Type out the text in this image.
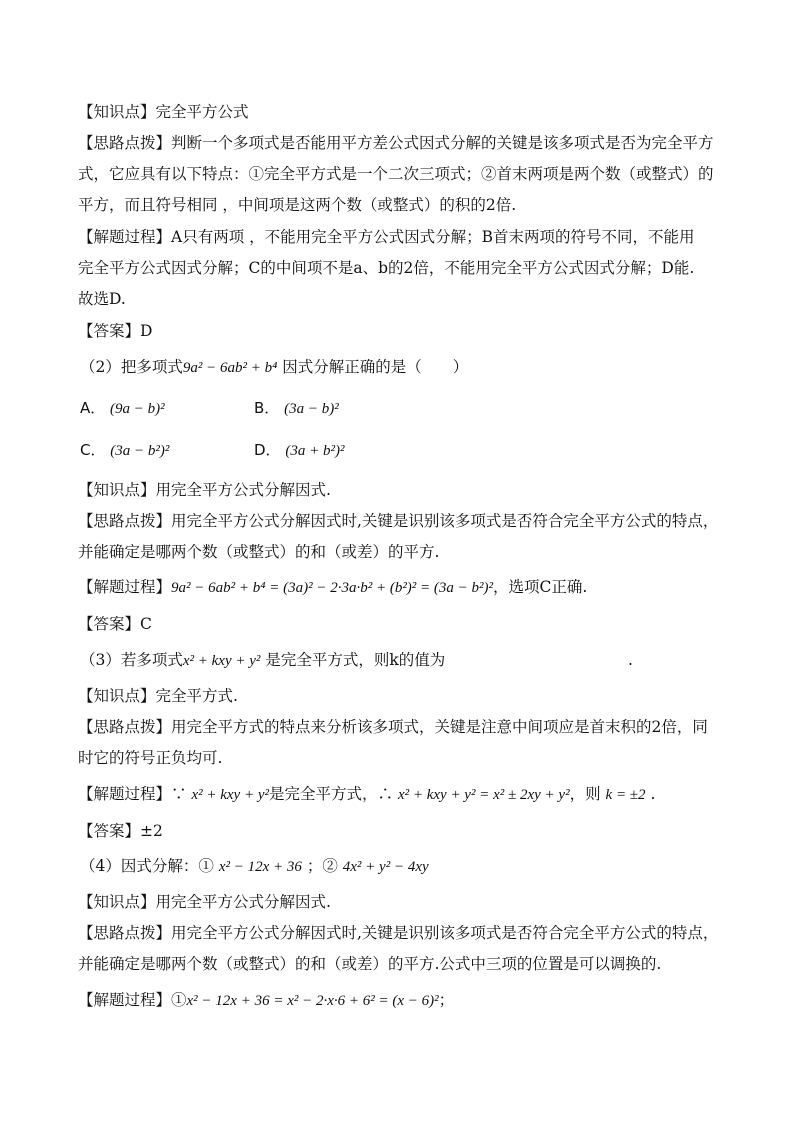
【知识点】完全平方公式
【思路点拨】判断一个多项式是否能用平方差公式因式分解的关键是该多项式是否为完全平方
式，它应具有以下特点：①完全平方式是一个二次三项式；②首末两项是两个数（或整式）的
平方，而且符号相同 ，中间项是这两个数（或整式）的积的2倍.
【解题过程】A只有两项 ，不能用完全平方公式因式分解；B首末两项的符号不同，不能用
完全平方公式因式分解；C的中间项不是a、b的2倍，不能用完全平方公式因式分解；D能.
故选D.
【答案】D
（2）把多项式9a² − 6ab² + b⁴ 因式分解正确的是（　　）
A． (9a − b)²	B． (3a − b)²
C． (3a − b²)²	D． (3a + b²)²
【知识点】用完全平方公式分解因式.
【思路点拨】用完全平方公式分解因式时,关键是识别该多项式是否符合完全平方公式的特点，
并能确定是哪两个数（或整式）的和（或差）的平方.
【解题过程】9a² − 6ab² + b⁴ = (3a)² − 2·3a·b² + (b²)² = (3a − b²)²，选项C正确.
【答案】C
（3）若多项式x² + kxy + y² 是完全平方式，则k的值为	.
【知识点】完全平方式.
【思路点拨】用完全平方式的特点来分析该多项式，关键是注意中间项应是首末积的2倍，同
时它的符号正负均可.
【解题过程】∵ x² + kxy + y²是完全平方式，∴ x² + kxy + y² = x² ± 2xy + y²，则 k = ±2 .
【答案】±2
（4）因式分解：① x² − 12x + 36 ；② 4x² + y² − 4xy
【知识点】用完全平方公式分解因式.
【思路点拨】用完全平方公式分解因式时,关键是识别该多项式是否符合完全平方公式的特点，
并能确定是哪两个数（或整式）的和（或差）的平方.公式中三项的位置是可以调换的.
【解题过程】①x² − 12x + 36 = x² − 2·x·6 + 6² = (x − 6)²；
